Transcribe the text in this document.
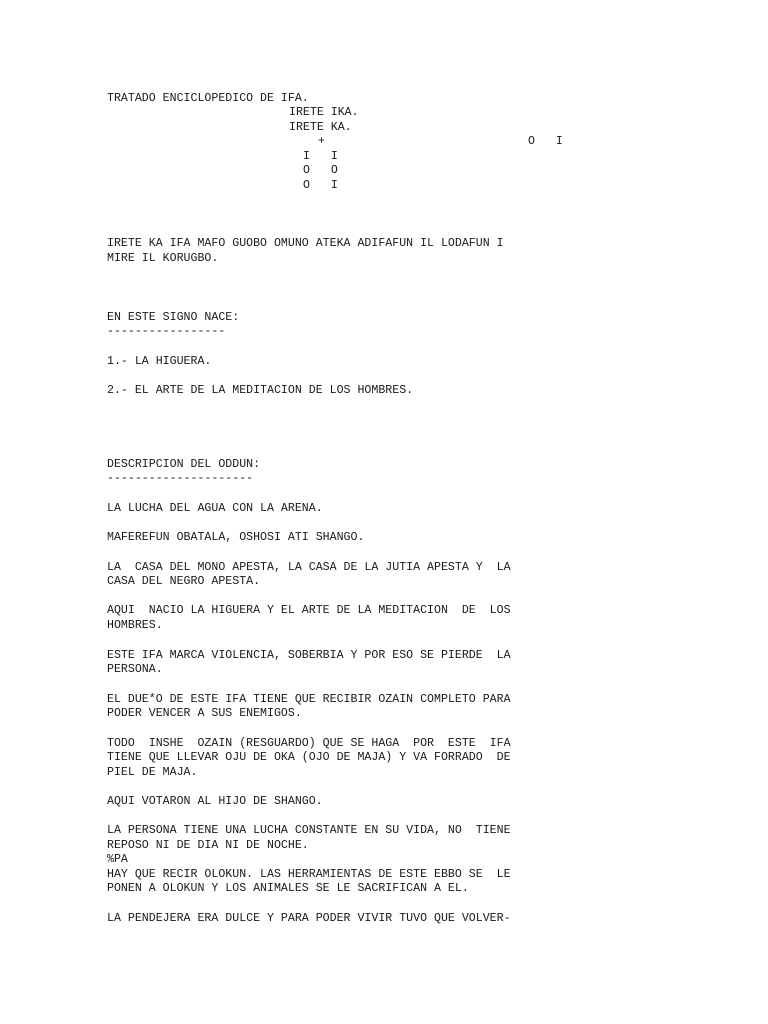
TRATADO ENCICLOPEDICO DE IFA.
IRETE IKA.
IRETE KA.
+	O   I
I   I
O   O
O   I
IRETE KA IFA MAFO GUOBO OMUNO ATEKA ADIFAFUN IL LODAFUN I
MIRE IL KORUGBO.
EN ESTE SIGNO NACE:
-----------------
1.- LA HIGUERA.
2.- EL ARTE DE LA MEDITACION DE LOS HOMBRES.
DESCRIPCION DEL ODDUN:
---------------------
LA LUCHA DEL AGUA CON LA ARENA.
MAFEREFUN OBATALA, OSHOSI ATI SHANGO.
LA  CASA DEL MONO APESTA, LA CASA DE LA JUTIA APESTA Y  LA
CASA DEL NEGRO APESTA.
AQUI  NACIO LA HIGUERA Y EL ARTE DE LA MEDITACION  DE  LOS
HOMBRES.
ESTE IFA MARCA VIOLENCIA, SOBERBIA Y POR ESO SE PIERDE  LA
PERSONA.
EL DUE*O DE ESTE IFA TIENE QUE RECIBIR OZAIN COMPLETO PARA
PODER VENCER A SUS ENEMIGOS.
TODO  INSHE  OZAIN (RESGUARDO) QUE SE HAGA  POR  ESTE  IFA
TIENE QUE LLEVAR OJU DE OKA (OJO DE MAJA) Y VA FORRADO  DE
PIEL DE MAJA.
AQUI VOTARON AL HIJO DE SHANGO.
LA PERSONA TIENE UNA LUCHA CONSTANTE EN SU VIDA, NO  TIENE
REPOSO NI DE DIA NI DE NOCHE.
%PA
HAY QUE RECIR OLOKUN. LAS HERRAMIENTAS DE ESTE EBBO SE  LE
PONEN A OLOKUN Y LOS ANIMALES SE LE SACRIFICAN A EL.
LA PENDEJERA ERA DULCE Y PARA PODER VIVIR TUVO QUE VOLVER-
